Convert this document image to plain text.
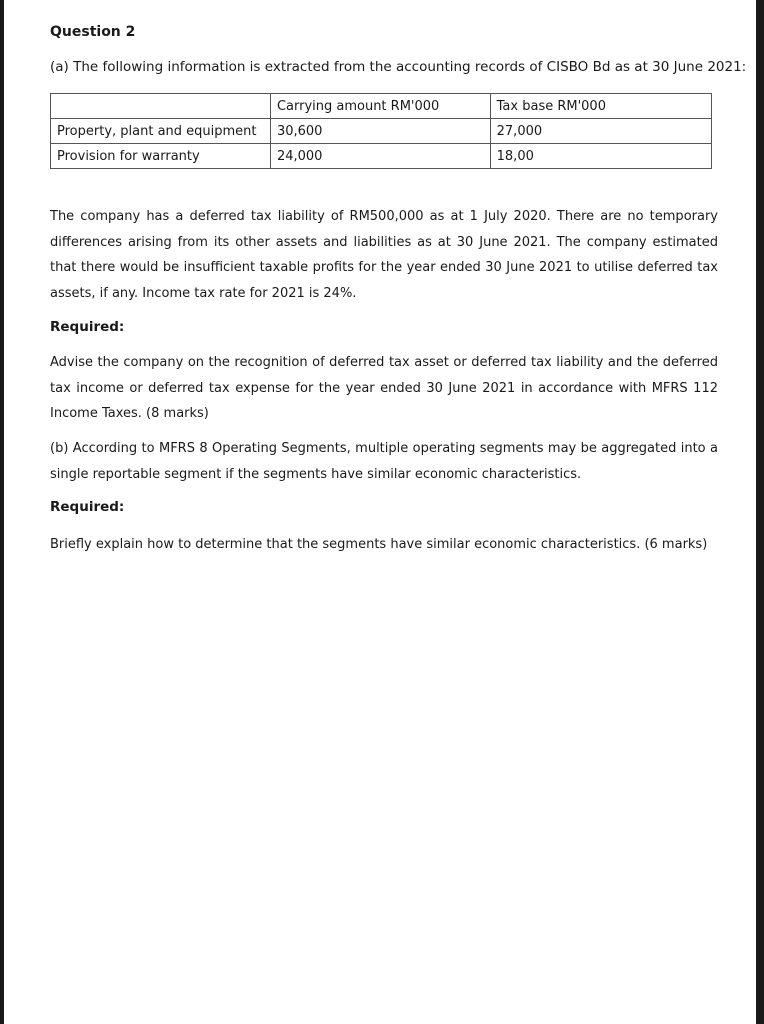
Question 2
(a) The following information is extracted from the accounting records of CISBO Bd as at 30 June 2021:
	Carrying amount RM'000	Tax base RM'000
Property, plant and equipment	30,600	27,000
Provision for warranty	24,000	18,00
The company has a deferred tax liability of RM500,000 as at 1 July 2020. There are no temporary differences arising from its other assets and liabilities as at 30 June 2021. The company estimated that there would be insufficient taxable profits for the year ended 30 June 2021 to utilise deferred tax assets, if any. Income tax rate for 2021 is 24%.
Required:
Advise the company on the recognition of deferred tax asset or deferred tax liability and the deferred tax income or deferred tax expense for the year ended 30 June 2021 in accordance with MFRS 112 Income Taxes. (8 marks)
(b) According to MFRS 8 Operating Segments, multiple operating segments may be aggregated into a single reportable segment if the segments have similar economic characteristics.
Required:
Briefly explain how to determine that the segments have similar economic characteristics. (6 marks)
